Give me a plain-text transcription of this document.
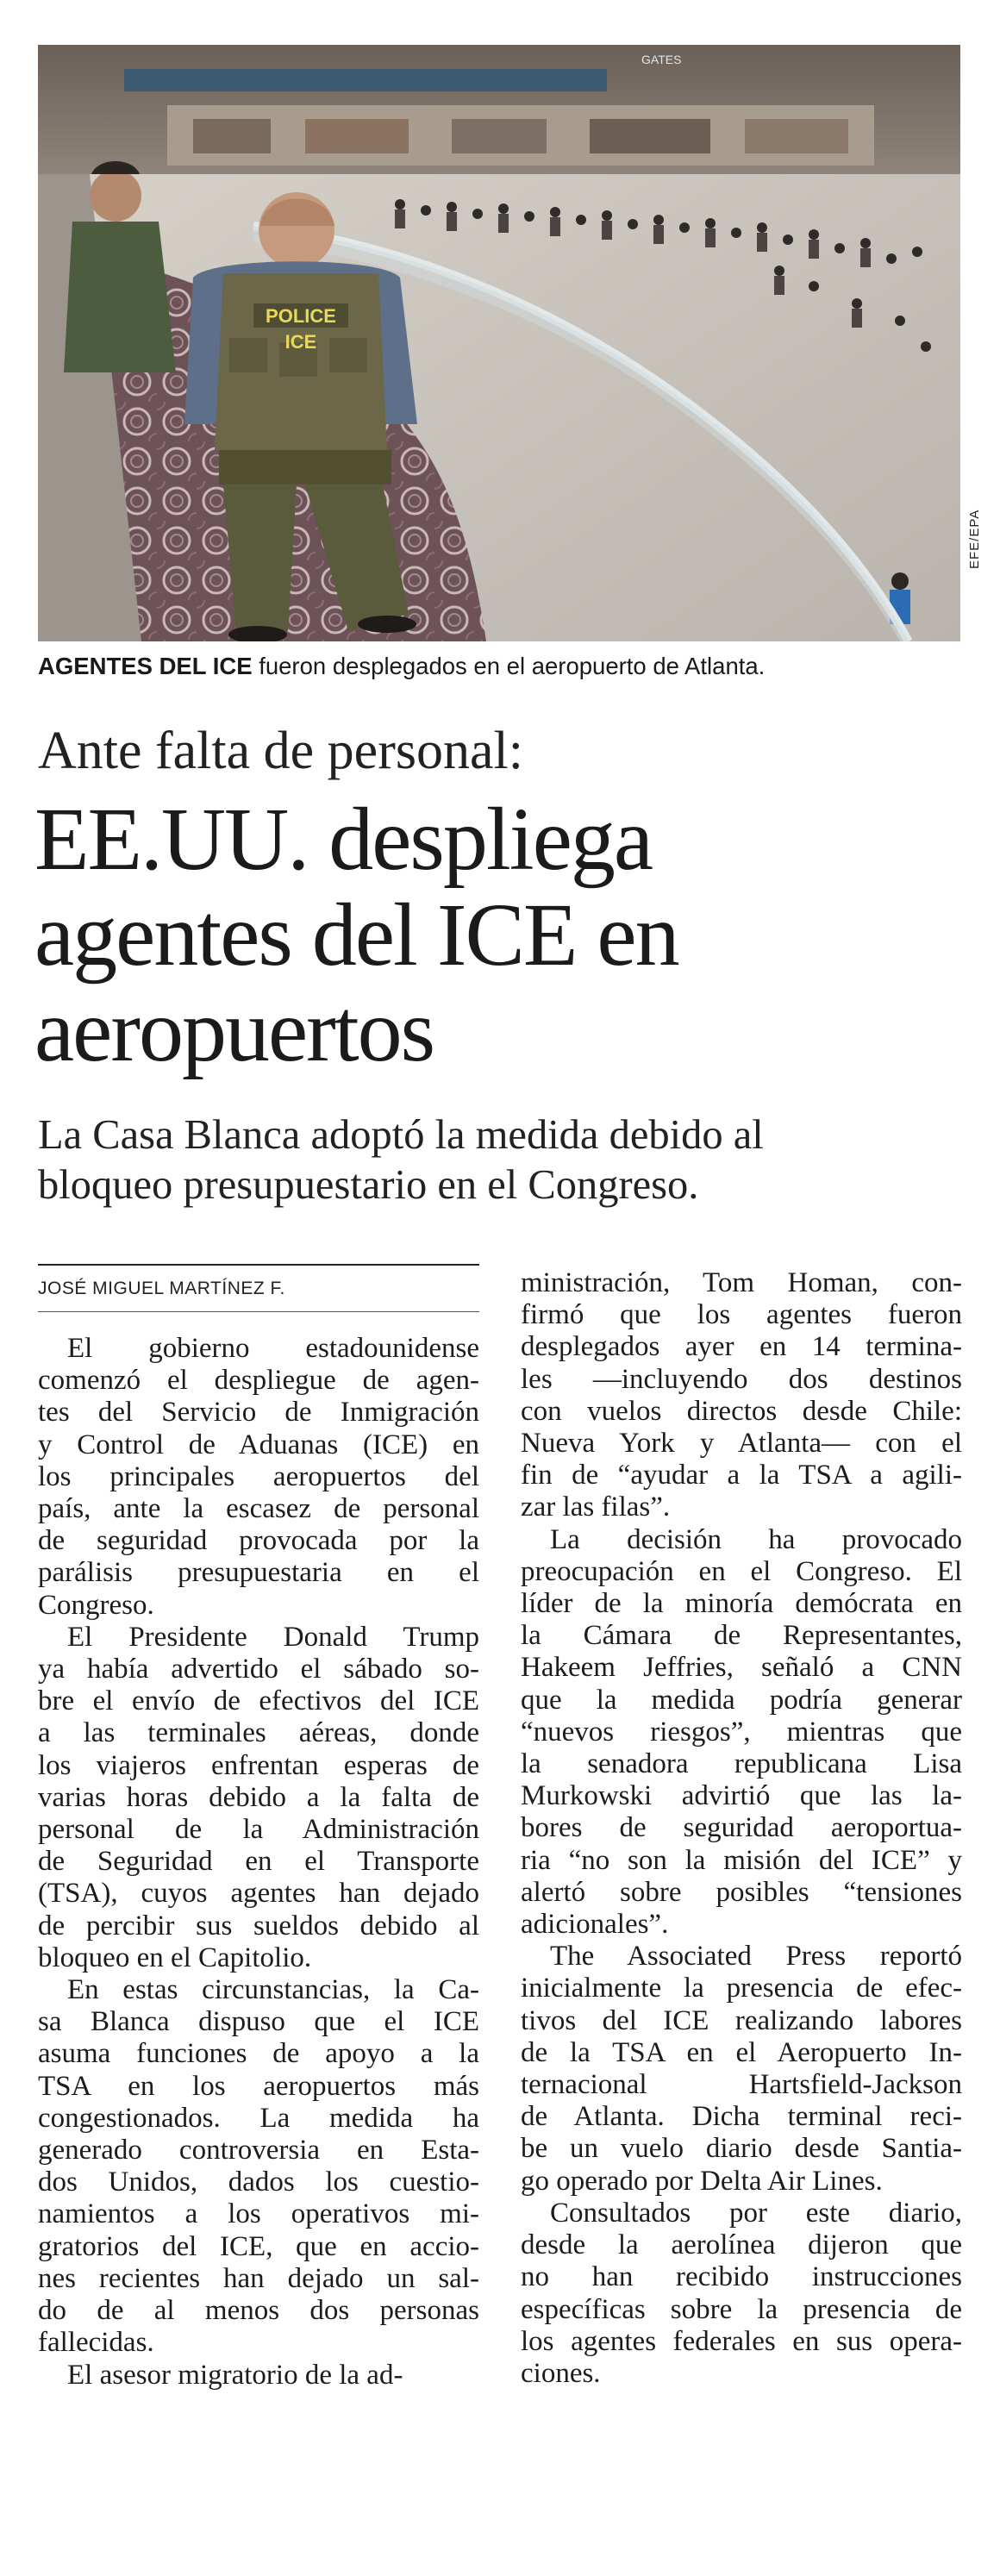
GATES
POLICE
ICE
EFE/EPA
AGENTES DEL ICE fueron desplegados en el aeropuerto de Atlanta.
Ante falta de personal:
EE.UU. despliega
agentes del ICE en
aeropuertos
La Casa Blanca adoptó la medida debido al
bloqueo presupuestario en el Congreso.
JOSÉ MIGUEL MARTÍNEZ F.
El gobierno estadounidense
comenzó el despliegue de agen-
tes del Servicio de Inmigración
y Control de Aduanas (ICE) en
los principales aeropuertos del
país, ante la escasez de personal
de seguridad provocada por la
parálisis presupuestaria en el
Congreso.
El Presidente Donald Trump
ya había advertido el sábado so-
bre el envío de efectivos del ICE
a las terminales aéreas, donde
los viajeros enfrentan esperas de
varias horas debido a la falta de
personal de la Administración
de Seguridad en el Transporte
(TSA), cuyos agentes han dejado
de percibir sus sueldos debido al
bloqueo en el Capitolio.
En estas circunstancias, la Ca-
sa Blanca dispuso que el ICE
asuma funciones de apoyo a la
TSA en los aeropuertos más
congestionados. La medida ha
generado controversia en Esta-
dos Unidos, dados los cuestio-
namientos a los operativos mi-
gratorios del ICE, que en accio-
nes recientes han dejado un sal-
do de al menos dos personas
fallecidas.
El asesor migratorio de la ad-
ministración, Tom Homan, con-
firmó que los agentes fueron
desplegados ayer en 14 termina-
les —incluyendo dos destinos
con vuelos directos desde Chile:
Nueva York y Atlanta— con el
fin de “ayudar a la TSA a agili-
zar las filas”.
La decisión ha provocado
preocupación en el Congreso. El
líder de la minoría demócrata en
la Cámara de Representantes,
Hakeem Jeffries, señaló a CNN
que la medida podría generar
“nuevos riesgos”, mientras que
la senadora republicana Lisa
Murkowski advirtió que las la-
bores de seguridad aeroportua-
ria “no son la misión del ICE” y
alertó sobre posibles “tensiones
adicionales”.
The Associated Press reportó
inicialmente la presencia de efec-
tivos del ICE realizando labores
de la TSA en el Aeropuerto In-
ternacional Hartsfield-Jackson
de Atlanta. Dicha terminal reci-
be un vuelo diario desde Santia-
go operado por Delta Air Lines.
Consultados por este diario,
desde la aerolínea dijeron que
no han recibido instrucciones
específicas sobre la presencia de
los agentes federales en sus opera-
ciones.
